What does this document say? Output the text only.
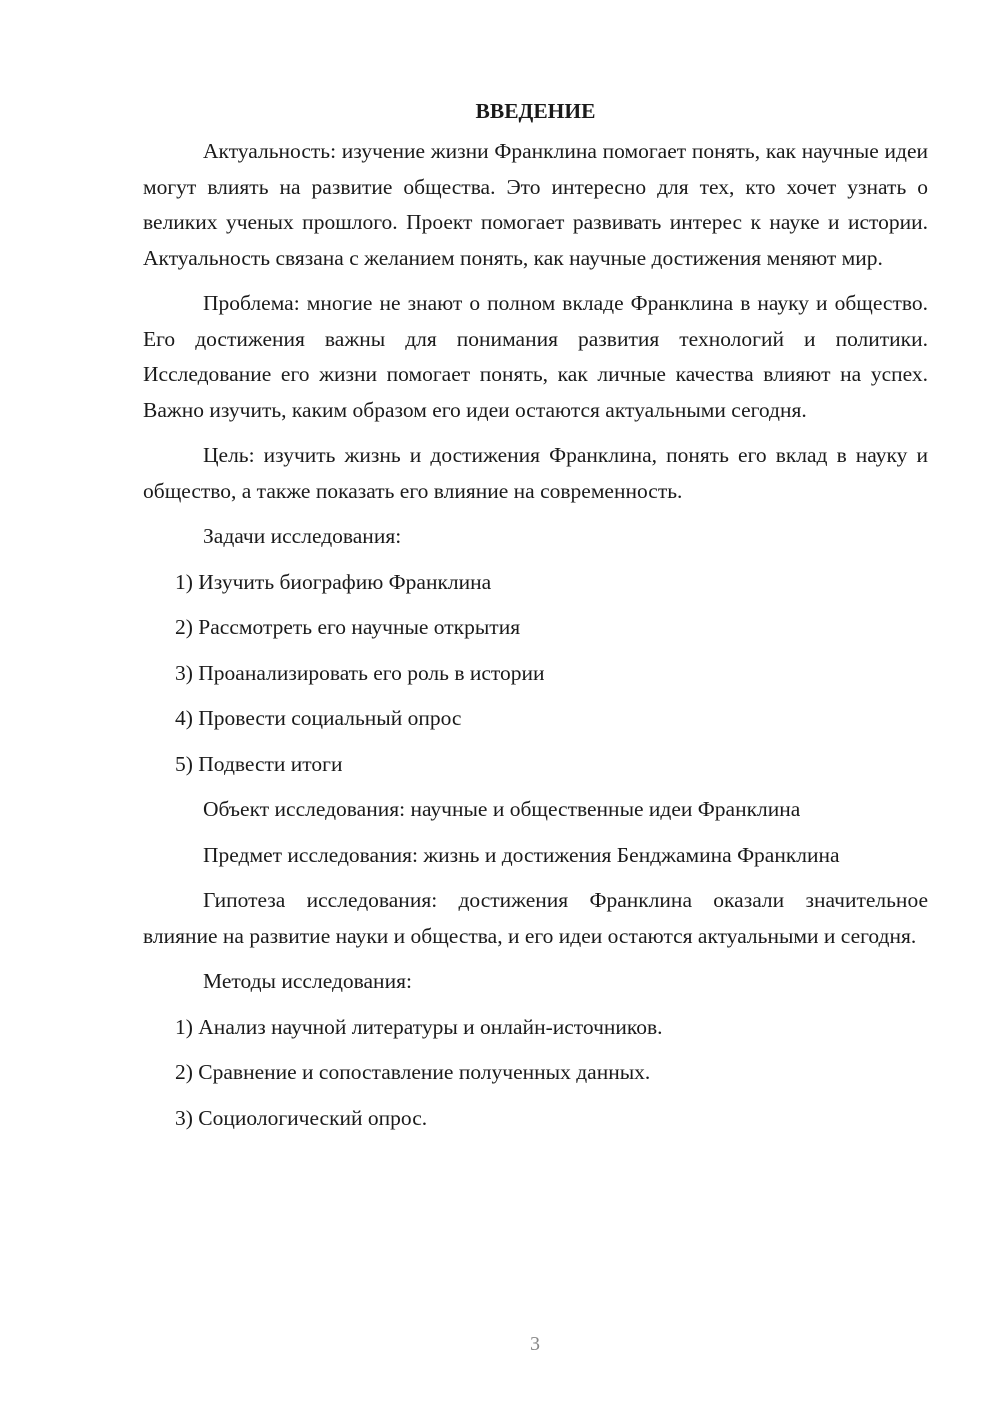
ВВЕДЕНИЕ

Актуальность: изучение жизни Франклина помогает понять, как научные идеи могут влиять на развитие общества. Это интересно для тех, кто хочет узнать о великих ученых прошлого. Проект помогает развивать интерес к науке и истории. Актуальность связана с желанием понять, как научные достижения меняют мир.

Проблема: многие не знают о полном вкладе Франклина в науку и общество. Его достижения важны для понимания развития технологий и политики. Исследование его жизни помогает понять, как личные качества влияют на успех. Важно изучить, каким образом его идеи остаются актуальными сегодня.

Цель: изучить жизнь и достижения Франклина, понять его вклад в науку и общество, а также показать его влияние на современность.

Задачи исследования:
1) Изучить биографию Франклина
2) Рассмотреть его научные открытия
3) Проанализировать его роль в истории
4) Провести социальный опрос
5) Подвести итоги
Объект исследования: научные и общественные идеи Франклина

Предмет исследования: жизнь и достижения Бенджамина Франклина

Гипотеза исследования: достижения Франклина оказали значительное влияние на развитие науки и общества, и его идеи остаются актуальными и сегодня.

Методы исследования:
1) Анализ научной литературы и онлайн-источников.
2) Сравнение и сопоставление полученных данных.
3) Социологический опрос.
3
